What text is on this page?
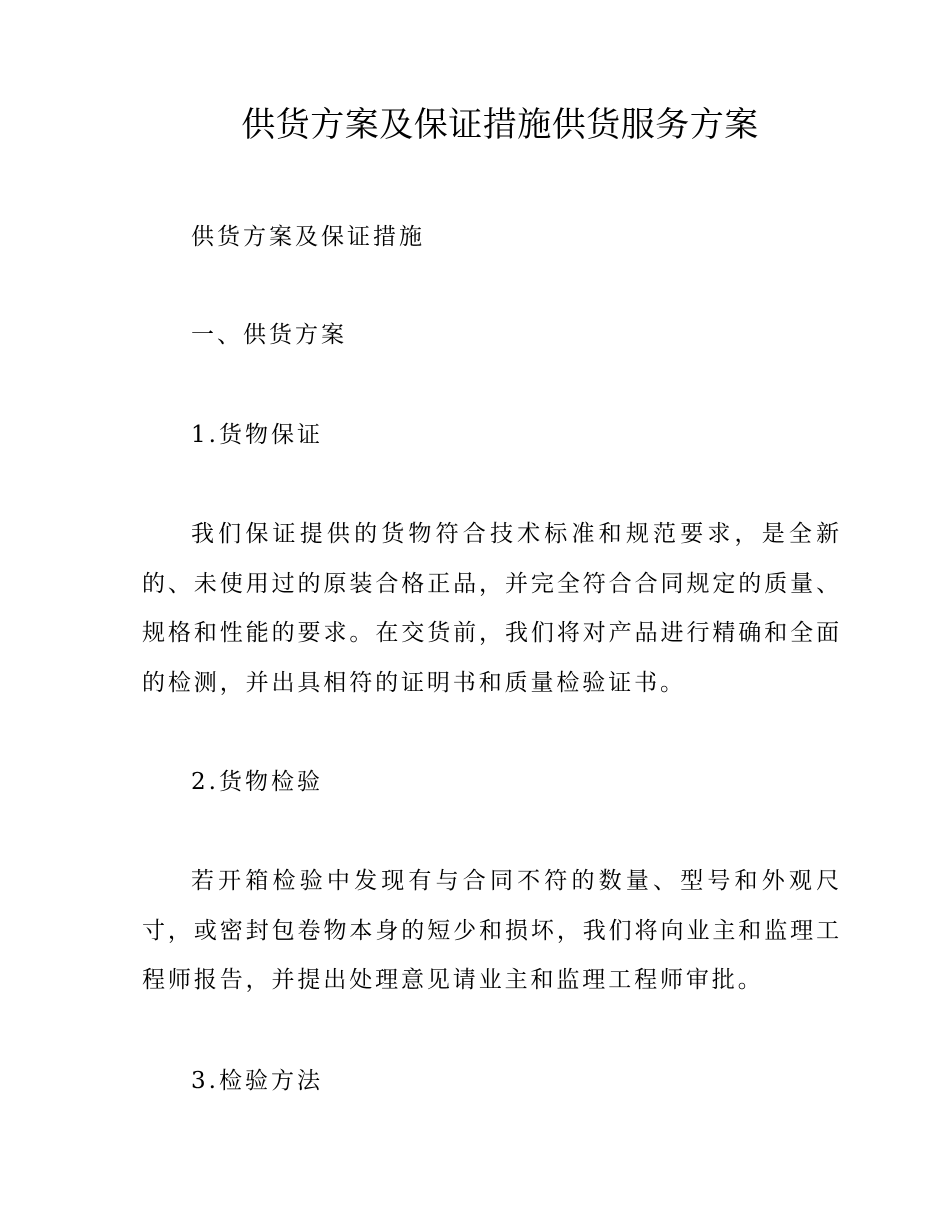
供货方案及保证措施供货服务方案

供货方案及保证措施

一、供货方案

1.货物保证

我们保证提供的货物符合技术标准和规范要求，是全新的、未使用过的原装合格正品，并完全符合合同规定的质量、规格和性能的要求。在交货前，我们将对产品进行精确和全面的检测，并出具相符的证明书和质量检验证书。

2.货物检验

若开箱检验中发现有与合同不符的数量、型号和外观尺寸，或密封包卷物本身的短少和损坏，我们将向业主和监理工程师报告，并提出处理意见请业主和监理工程师审批。

3.检验方法
